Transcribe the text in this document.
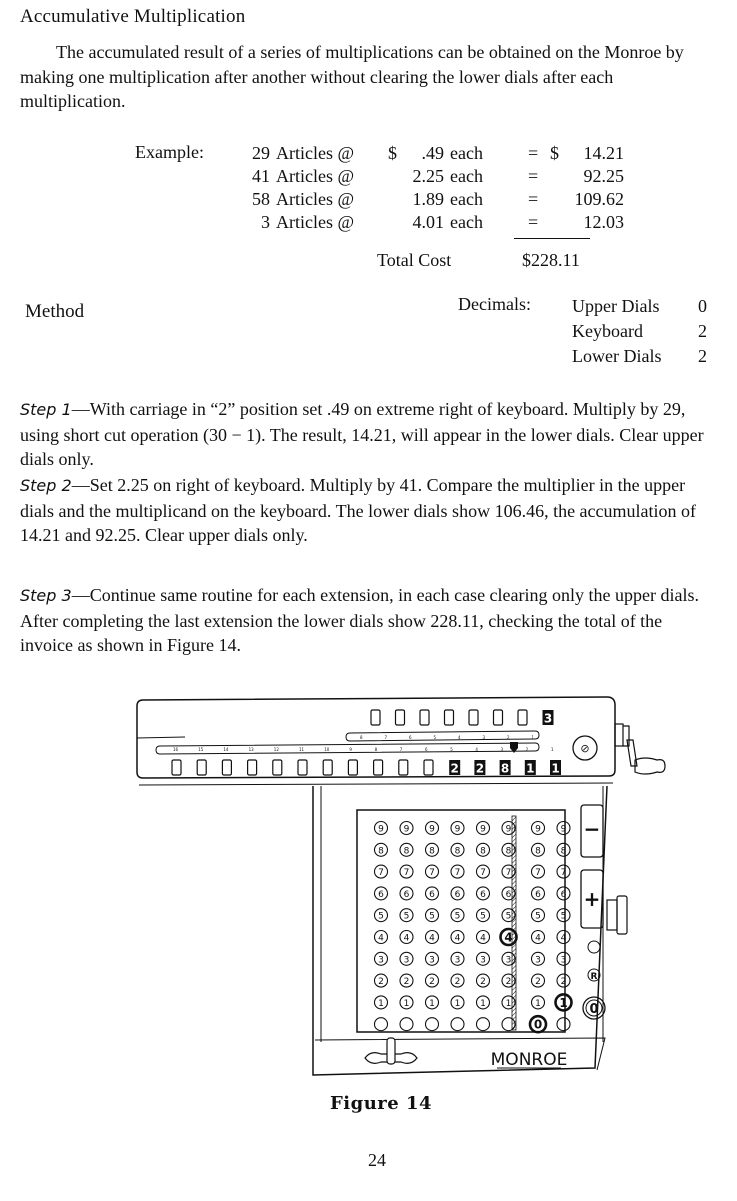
Accumulative Multiplication
The accumulated result of a series of multiplications can be obtained on the Monroe by making one multiplication after another without clearing the lower dials after each multiplication.
Example:	29 Articles @	$	.49 each	= $	14.21
41 Articles @	2.25 each	=	92.25
58 Articles @	1.89 each	=	109.62
3 Articles @	4.01 each	=	12.03
Total Cost	$228.11
Method	Decimals: Upper Dials	0
Keyboard	2
Lower Dials	2
Step 1—With carriage in “2” position set .49 on extreme right of keyboard. Multiply by 29, using short cut operation (30 − 1). The result, 14.21, will appear in the lower dials. Clear upper dials only.
Step 2—Set 2.25 on right of keyboard. Multiply by 41. Compare the multiplier in the upper dials and the multiplicand on the keyboard. The lower dials show 106.46, the accumulation of 14.21 and 92.25. Clear upper dials only.
Step 3—Continue same routine for each extension, in each case clearing only the upper dials. After completing the last extension the lower dials show 228.11, checking the total of the invoice as shown in Figure 14.
3
8	7	6	5	4	3	2	1
2 2 8 1 1
16	15	14	13	12	11	10	9	8	7	6	5	4	3	2	1 ⊘
9
8
7
6
5
4
3
2
1
9
8
7
6
5
4
3
2
1
9
8
7
6
5
4
3
2
1
9
8
7
6
5
4
3
2
1
9
8
7
6
5
4
3
2
1
9
8
7
6
5
4
3
2
1
9
8
7
6
5
4
3
2
1
0
9
8
7
6
5
4
3
2
1
−
+
R
0
MONROE
Figure 14
24
